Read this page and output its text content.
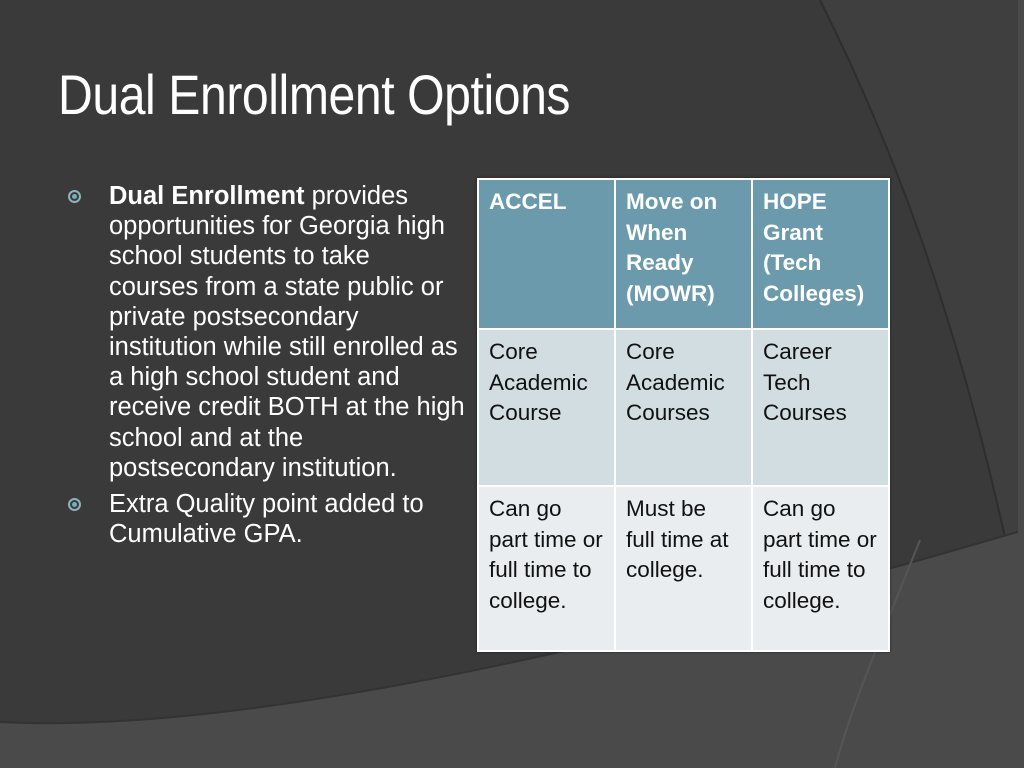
Dual Enrollment Options
Dual Enrollment provides opportunities for Georgia high school students to take courses from a state public or private postsecondary institution while still enrolled as a high school student and receive credit BOTH at the high school and at the postsecondary institution.
Extra Quality point added to Cumulative GPA.
ACCEL	Move on When Ready (MOWR)	HOPE Grant (Tech Colleges)
Core Academic Course	Core Academic Courses	Career Tech Courses
Can go part time or full time to college.	Must be full time at college.	Can go part time or full time to college.
